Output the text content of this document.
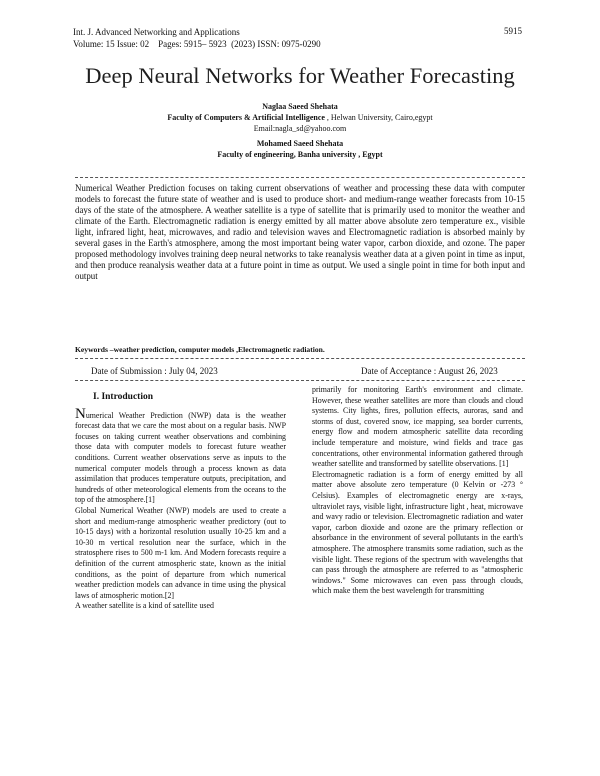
Int. J. Advanced Networking and Applications
Volume: 15 Issue: 02    Pages: 5915– 5923  (2023) ISSN: 0975-0290
5915
Deep Neural Networks for Weather Forecasting
Naglaa Saeed Shehata
Faculty of Computers & Artificial Intelligence , Helwan University, Cairo,egypt
Email:nagla_sd@yahoo.com
Mohamed Saeed Shehata
Faculty of engineering, Banha university , Egypt
Numerical Weather Prediction focuses on taking current observations of weather and processing these data with computer models to forecast the future state of weather and is used to produce short- and medium-range weather forecasts from 10-15 days of the state of the atmosphere. A weather satellite is a type of satellite that is primarily used to monitor the weather and climate of the Earth. Electromagnetic radiation is energy emitted by all matter above absolute zero temperature ex., visible light, infrared light, heat, microwaves, and radio and television waves and Electromagnetic radiation is absorbed mainly by several gases in the Earth's atmosphere, among the most important being water vapor, carbon dioxide, and ozone. The paper proposed methodology involves training deep neural networks to take reanalysis weather data at a given point in time as input, and then produce reanalysis weather data at a future point in time as output. We used a single point in time for both input and output
Keywords –weather prediction, computer models ,Electromagnetic radiation.
Date of Submission : July 04, 2023	Date of Acceptance : August 26, 2023
I. Introduction

Numerical Weather Prediction (NWP) data is the weather forecast data that we care the most about on a regular basis. NWP focuses on taking current weather observations and combining those data with computer models to forecast future weather conditions. Current weather observations serve as inputs to the numerical computer models through a process known as data assimilation that produces temperature outputs, precipitation, and hundreds of other meteorological elements from the oceans to the top of the atmosphere.[1]

Global Numerical Weather (NWP) models are used to create a short and medium-range atmospheric weather predictory (out to 10-15 days) with a horizontal resolution usually 10-25 km and a 10-30 m vertical resolution near the surface, which in the stratosphere rises to 500 m-1 km. And Modern forecasts require a definition of the current atmospheric state, known as the initial conditions, as the point of departure from which numerical weather prediction models can advance in time using the physical laws of atmospheric motion.[2]

A weather satellite is a kind of satellite used

primarily for monitoring Earth's environment and climate. However, these weather satellites are more than clouds and cloud systems. City lights, fires, pollution effects, auroras, sand and storms of dust, covered snow, ice mapping, sea border currents, energy flow and modern atmospheric satellite data recording include temperature and moisture, wind fields and trace gas concentrations, other environmental information gathered through weather satellite and transformed by satellite observations. [1]

Electromagnetic radiation is a form of energy emitted by all matter above absolute zero temperature (0 Kelvin or -273 ° Celsius). Examples of electromagnetic energy are x-rays, ultraviolet rays, visible light, infrastructure light , heat, microwave and wavy radio or television. Electromagnetic radiation and water vapor, carbon dioxide and ozone are the primary reflection or absorbance in the environment of several pollutants in the earth's atmosphere. The atmosphere transmits some radiation, such as the visible light. These regions of the spectrum with wavelengths that can pass through the atmosphere are referred to as "atmospheric windows." Some microwaves can even pass through clouds, which make them the best wavelength for transmitting
